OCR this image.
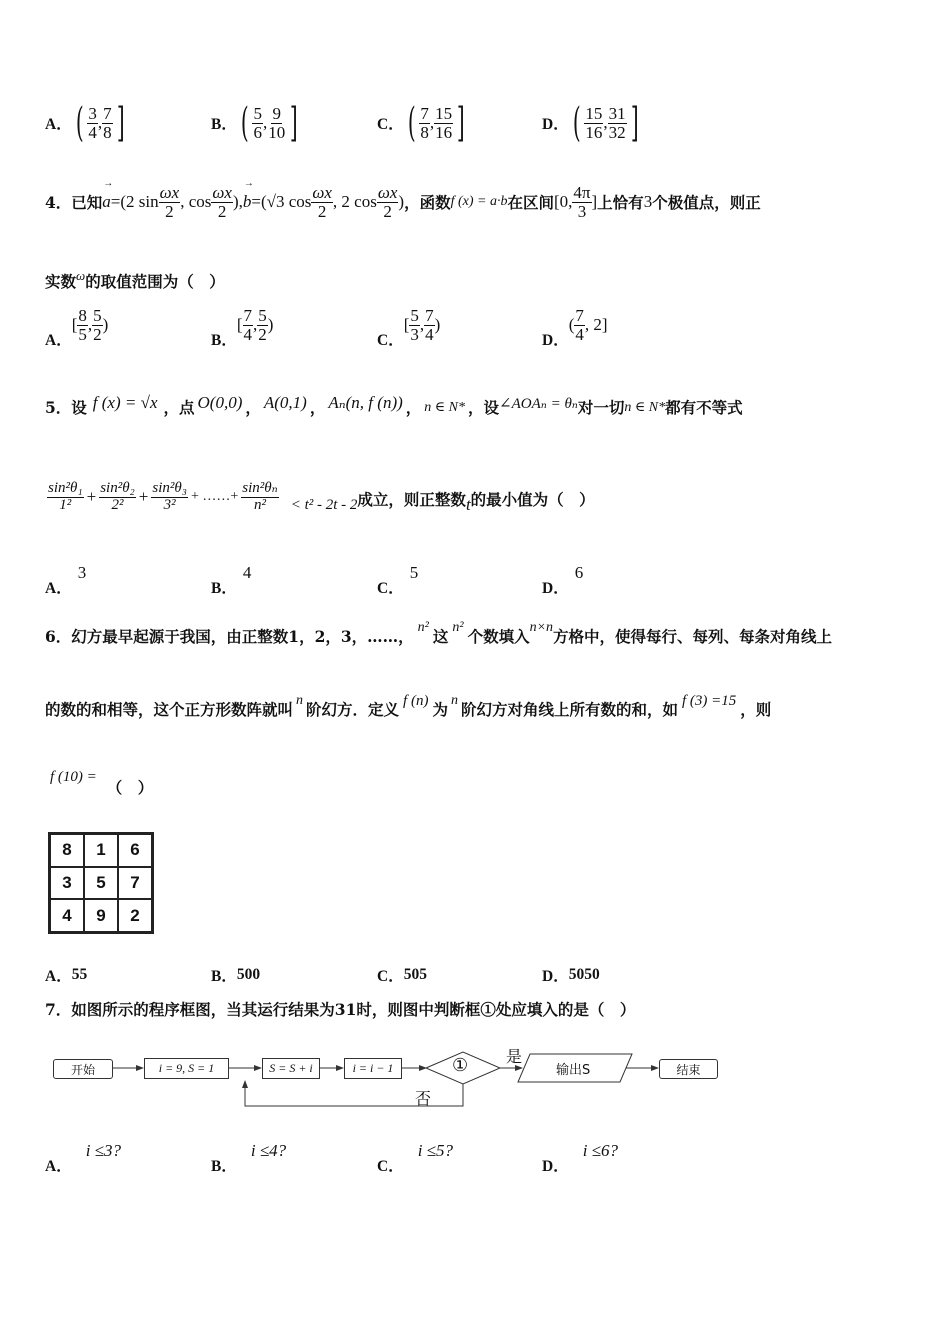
A． ( $\frac{3}{4}$ , $\frac{7}{8}$ ]	B． ( $\frac{5}{6}$ , $\frac{9}{10}$ ]	C． ( $\frac{7}{8}$ , $\frac{15}{16}$ ]	D． ( $\frac{15}{16}$ , $\frac{31}{32}$ ]
4．已知
→
a =(2 $\sin \frac{\omega x}{2}$ , $\cos \frac{\omega x}{2}$ ),
→
b =(√3 $\cos \frac{\omega x}{2}$ , 2 $\cos \frac{\omega x}{2}$ ) ，函数 f (x) = a·b 在区间 [0, $\frac{4\pi}{3}$ ] 上恰有 3 个极值点，则正
实数 ω 的取值范围为（　）
A．
[ $\frac{8}{5}$ , $\frac{5}{2}$ )
B．
[ $\frac{7}{4}$ , $\frac{5}{2}$ )
C．
[ $\frac{5}{3}$ , $\frac{7}{4}$ )
D．
( $\frac{7}{4}$ , 2]
5．设 f (x) = √x ，点 O(0,0) ， A(0,1) ， Aₙ(n, f (n)) ， n ∈ N* ，设 ∠AOAₙ = θₙ 对一切 n ∈ N* 都有不等式
$\frac{\text{sin²θ₁}}{\text{1²}} + \frac{\text{sin²θ₂}}{\text{2²}} + \frac{\text{sin²θ₃}}{\text{3²}}$ + ……+ $\frac{\text{sin²θₙ}}{\text{n²}} < t^2 - 2t - 2$ 成立，则正整数 t 的最小值为（　）
A．
3
B．
4
C．
5
D．
6
6．幻方最早起源于我国，由正整数1，2，3，……， n² 这 n² 个数填入 n×n 方格中，使得每行、每列、每条对角线上
的数的和相等，这个正方形数阵就叫 n 阶幻方．定义 f (n) 为 n 阶幻方对角线上所有数的和，如 f (3) =15 ，则
f (10) =
（　）
8	1	6
3	5	7
4	9	2
A． 55	B． 500	C． 505	D． 5050
7．如图所示的程序框图，当其运行结果为31时，则图中判断框①处应填入的是（　）
开始	i = 9, S = 1	S = S + i	i = i − 1	① 是
输出S	结束
否
A．
i ≤3?
B．
i ≤4?
C．
i ≤5?
D．
i ≤6?
